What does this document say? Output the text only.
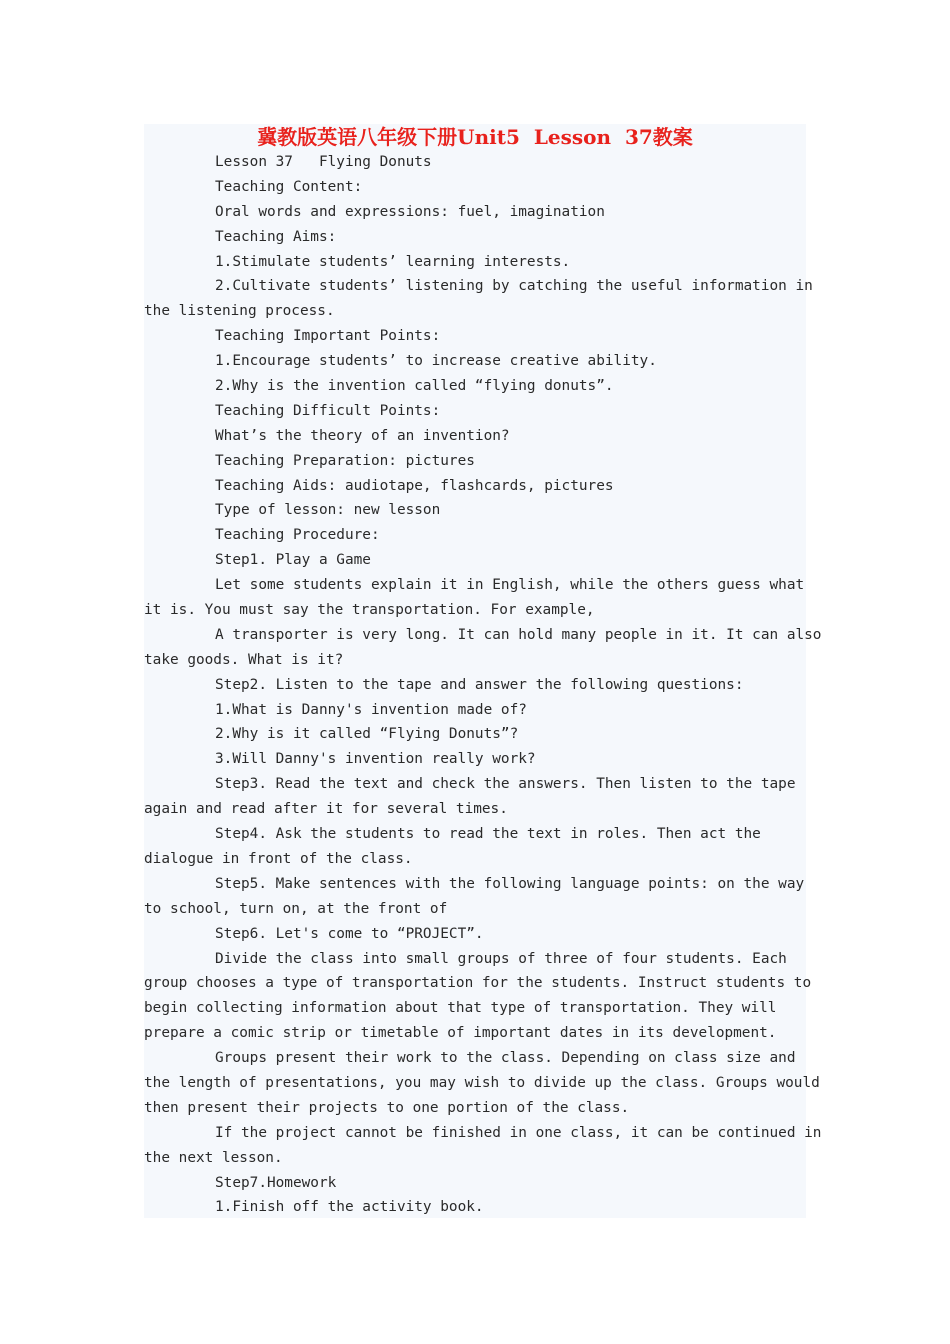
冀教版英语八年级下册Unit5  Lesson  37教案
Lesson 37   Flying Donuts
Teaching Content:
Oral words and expressions: fuel, imagination
Teaching Aims:
1.Stimulate students’ learning interests.
2.Cultivate students’ listening by catching the useful information in
the listening process.
Teaching Important Points:
1.Encourage students’ to increase creative ability.
2.Why is the invention called “flying donuts”.
Teaching Difficult Points:
What’s the theory of an invention?
Teaching Preparation: pictures
Teaching Aids: audiotape, flashcards, pictures
Type of lesson: new lesson
Teaching Procedure:
Step1. Play a Game
Let some students explain it in English, while the others guess what
it is. You must say the transportation. For example,
A transporter is very long. It can hold many people in it. It can also
take goods. What is it?
Step2. Listen to the tape and answer the following questions:
1.What is Danny's invention made of?
2.Why is it called “Flying Donuts”?
3.Will Danny's invention really work?
Step3. Read the text and check the answers. Then listen to the tape
again and read after it for several times.
Step4. Ask the students to read the text in roles. Then act the
dialogue in front of the class.
Step5. Make sentences with the following language points: on the way
to school, turn on, at the front of
Step6. Let's come to “PROJECT”.
Divide the class into small groups of three of four students. Each
group chooses a type of transportation for the students. Instruct students to
begin collecting information about that type of transportation. They will
prepare a comic strip or timetable of important dates in its development.
Groups present their work to the class. Depending on class size and
the length of presentations, you may wish to divide up the class. Groups would
then present their projects to one portion of the class.
If the project cannot be finished in one class, it can be continued in
the next lesson.
Step7.Homework
1.Finish off the activity book.
